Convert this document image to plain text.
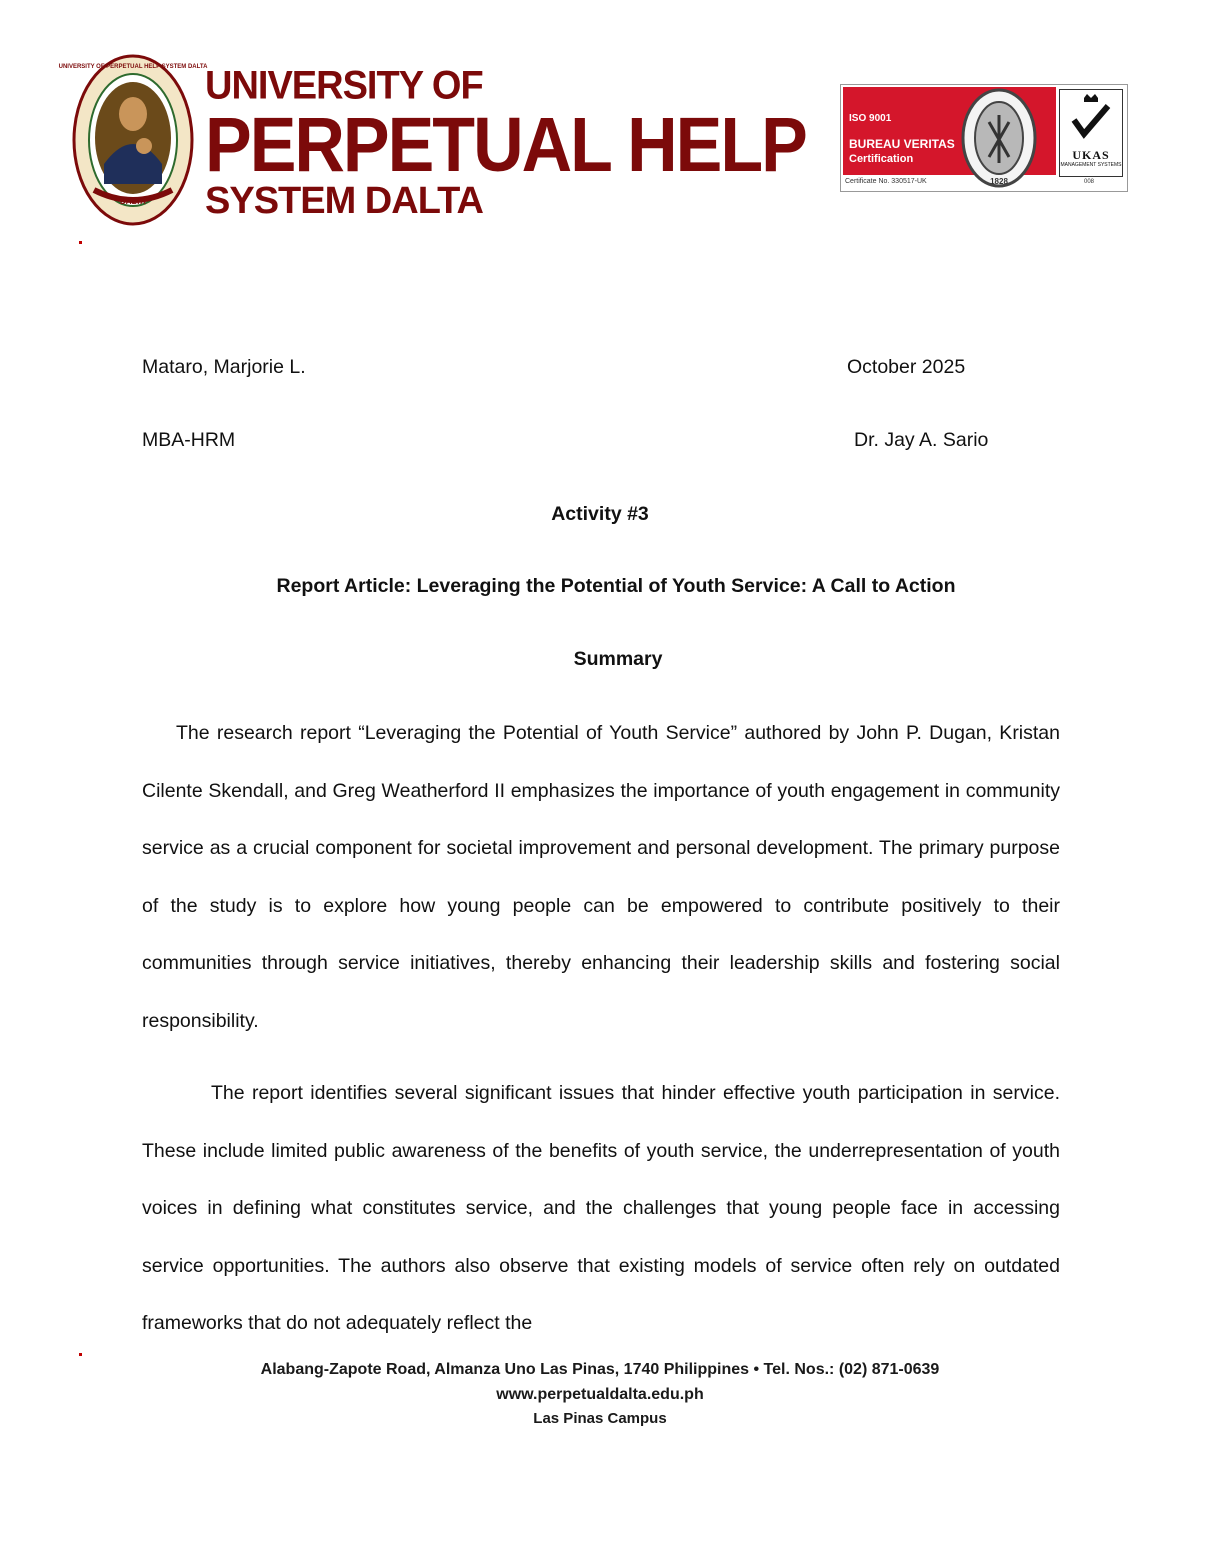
DALTA
UNIVERSITY OF PERPETUAL HELP SYSTEM DALTA
UNIVERSITY OF
PERPETUAL HELP
SYSTEM DALTA
ISO 9001
BUREAU VERITAS
Certification
1828
UKAS
MANAGEMENT SYSTEMS
Certificate No. 330517-UK	008
Mataro, Marjorie L.	October 2025
MBA-HRM	Dr. Jay A. Sario
Activity #3
Report Article: Leveraging the Potential of Youth Service: A Call to Action
Summary

The research report “Leveraging the Potential of Youth Service” authored by John P. Dugan, Kristan Cilente Skendall, and Greg Weatherford II emphasizes the importance of youth engagement in community service as a crucial component for societal improvement and personal development. The primary purpose of the study is to explore how young people can be empowered to contribute positively to their communities through service initiatives, thereby enhancing their leadership skills and fostering social responsibility.

The report identifies several significant issues that hinder effective youth participation in service. These include limited public awareness of the benefits of youth service, the underrepresentation of youth voices in defining what constitutes service, and the challenges that young people face in accessing service opportunities. The authors also observe that existing models of service often rely on outdated frameworks that do not adequately reflect the

Alabang-Zapote Road, Almanza Uno Las Pinas, 1740 Philippines • Tel. Nos.: (02) 871-0639
www.perpetualdalta.edu.ph
Las Pinas Campus
